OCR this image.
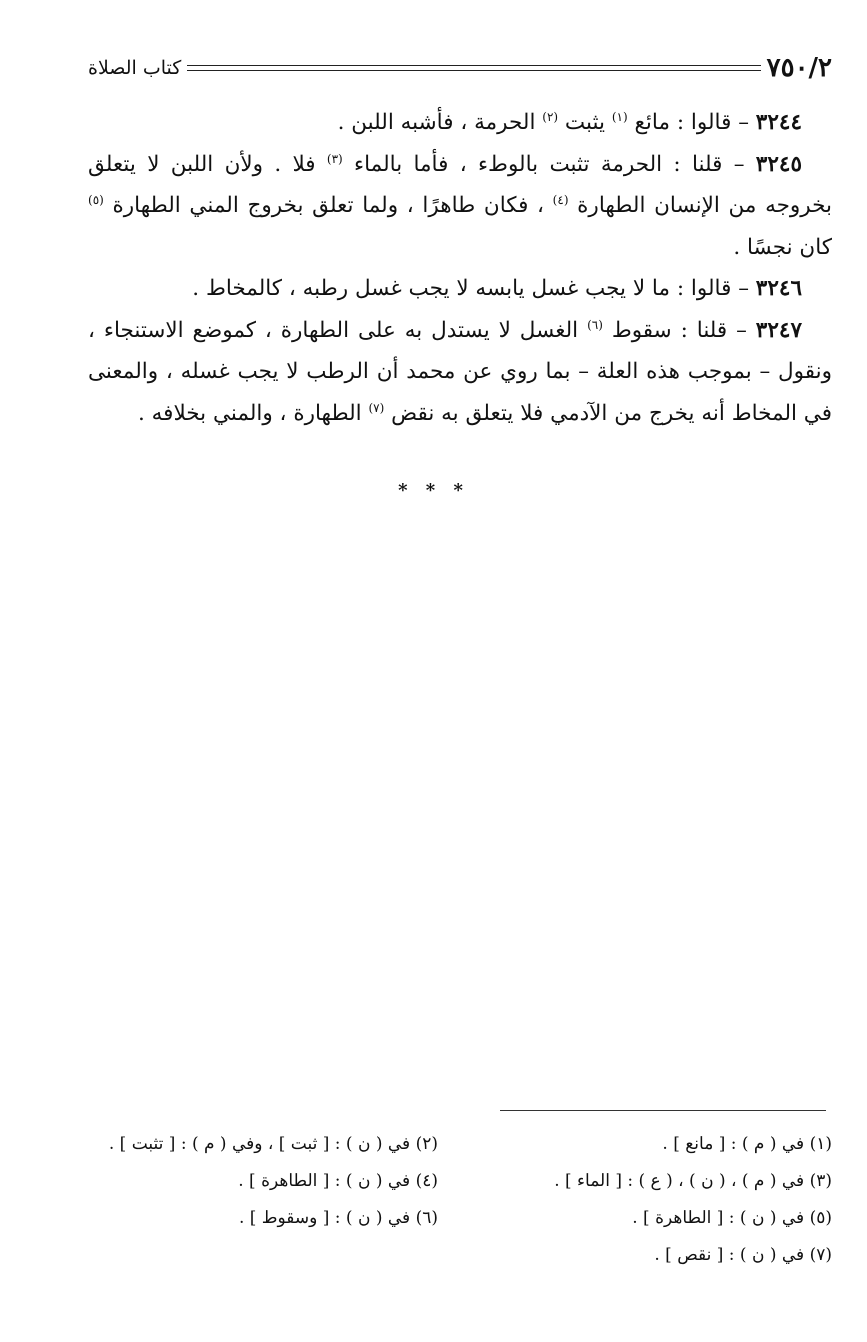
٧٥٠/٢
كتاب الصلاة

٣٢٤٤ – قالوا : مائع $^{(١)}$ يثبت $^{(٢)}$ الحرمة ، فأشبه اللبن .

٣٢٤٥ – قلنا : الحرمة تثبت بالوطء ، فأما بالماء $^{(٣)}$ فلا . ولأن اللبن لا يتعلق بخروجه من الإنسان الطهارة $^{(٤)}$ ، فكان طاهرًا ، ولما تعلق بخروج المني الطهارة $^{(٥)}$ كان نجسًا .

٣٢٤٦ – قالوا : ما لا يجب غسل يابسه لا يجب غسل رطبه ، كالمخاط .

٣٢٤٧ – قلنا : سقوط $^{(٦)}$ الغسل لا يستدل به على الطهارة ، كموضع الاستنجاء ، ونقول – بموجب هذه العلة – بما روي عن محمد أن الرطب لا يجب غسله ، والمعنى في المخاط أنه يخرج من الآدمي فلا يتعلق به نقض $^{(٧)}$ الطهارة ، والمني بخلافه .

* * *
(١) في ( م ) : [ مانع ] .
(٢) في ( ن ) : [ ثبت ] ، وفي ( م ) : [ تثبت ] .
(٣) في ( م ) ، ( ن ) ، ( ع ) : [ الماء ] .
(٤) في ( ن ) : [ الطاهرة ] .
(٥) في ( ن ) : [ الطاهرة ] .
(٦) في ( ن ) : [ وسقوط ] .
(٧) في ( ن ) : [ نقص ] .
